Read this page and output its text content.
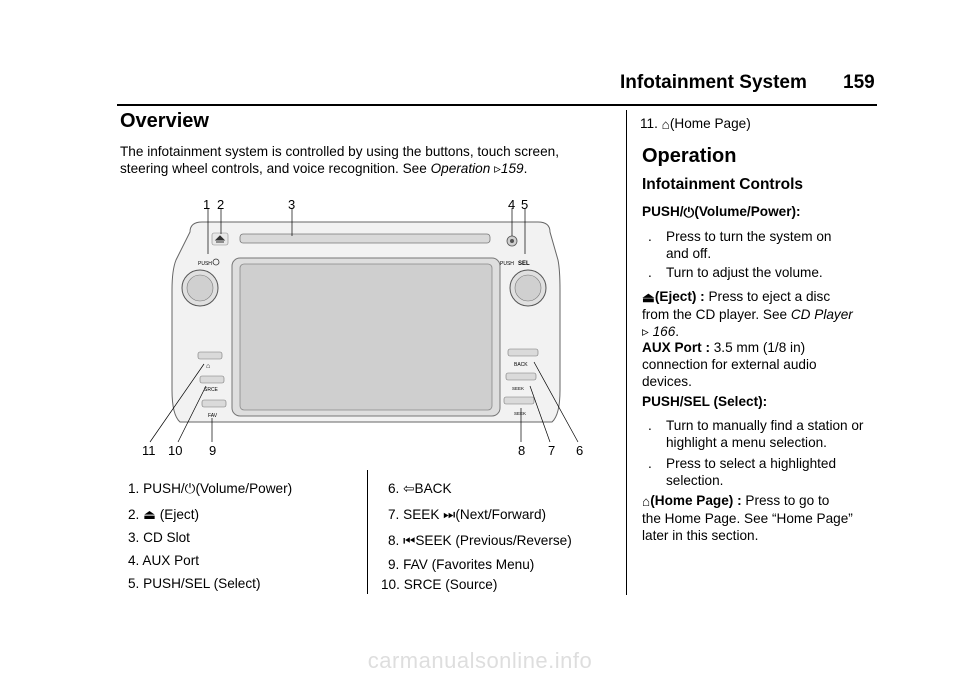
Infotainment System 159
Overview
The infotainment system is controlled by using the buttons, touch screen, steering wheel controls, and voice recognition. See Operation ▹159.
PUSH	PUSH SEL
⌂
SRCE
FAV
BACK
SEEK
SEEK
1 2	3	4 5
11 10 9	8 7 6
1. PUSH/⏻(Volume/Power)
2. ⏏ (Eject)
3. CD Slot
4. AUX Port
5. PUSH/SEL (Select)
6. ⇦BACK
7. SEEK ⏭(Next/Forward)
8. ⏮SEEK (Previous/Reverse)
9. FAV (Favorites Menu)
10. SRCE (Source)
11. ⌂(Home Page)
Operation
Infotainment Controls
PUSH/⏻(Volume/Power):
. Press to turn the system on
and off.
. Turn to adjust the volume.
⏏(Eject) : Press to eject a disc
from the CD player. See CD Player
▹ 166.
AUX Port : 3.5 mm (1/8 in)
connection for external audio
devices.
PUSH/SEL (Select):
. Turn to manually find a station or
highlight a menu selection.
. Press to select a highlighted
selection.
⌂(Home Page) : Press to go to
the Home Page. See “Home Page”
later in this section.
carmanualsonline.info
